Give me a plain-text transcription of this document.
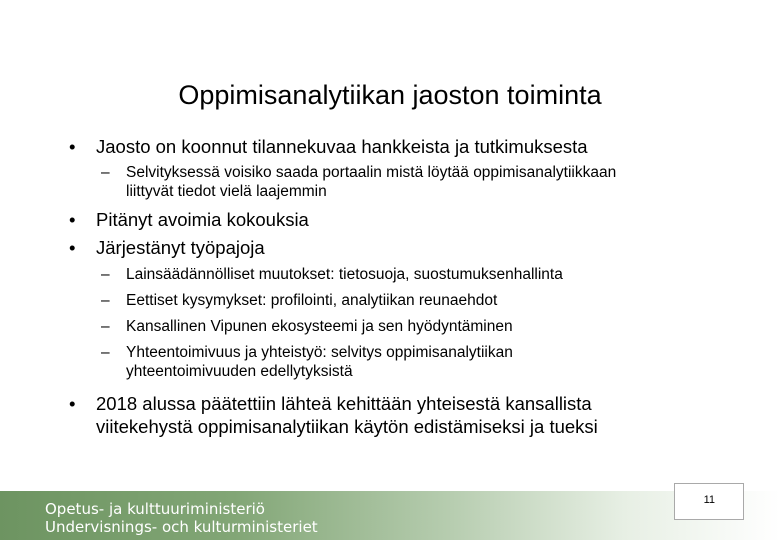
Oppimisanalytiikan jaoston toiminta
• Jaosto on koonnut tilannekuvaa hankkeista ja tutkimuksesta
– Selvityksessä voisiko saada portaalin mistä löytää oppimisanalytiikkaan
liittyvät tiedot vielä laajemmin
• Pitänyt avoimia kokouksia
• Järjestänyt työpajoja
– Lainsäädännölliset muutokset: tietosuoja, suostumuksenhallinta
– Eettiset kysymykset: profilointi, analytiikan reunaehdot
– Kansallinen Vipunen ekosysteemi ja sen hyödyntäminen
– Yhteentoimivuus ja yhteistyö: selvitys oppimisanalytiikan
yhteentoimivuuden edellytyksistä
• 2018 alussa päätettiin lähteä kehittään yhteisestä kansallista
viitekehystä oppimisanalytiikan käytön edistämiseksi ja tueksi
Opetus- ja kulttuuriministeriö
Undervisnings- och kulturministeriet
11
